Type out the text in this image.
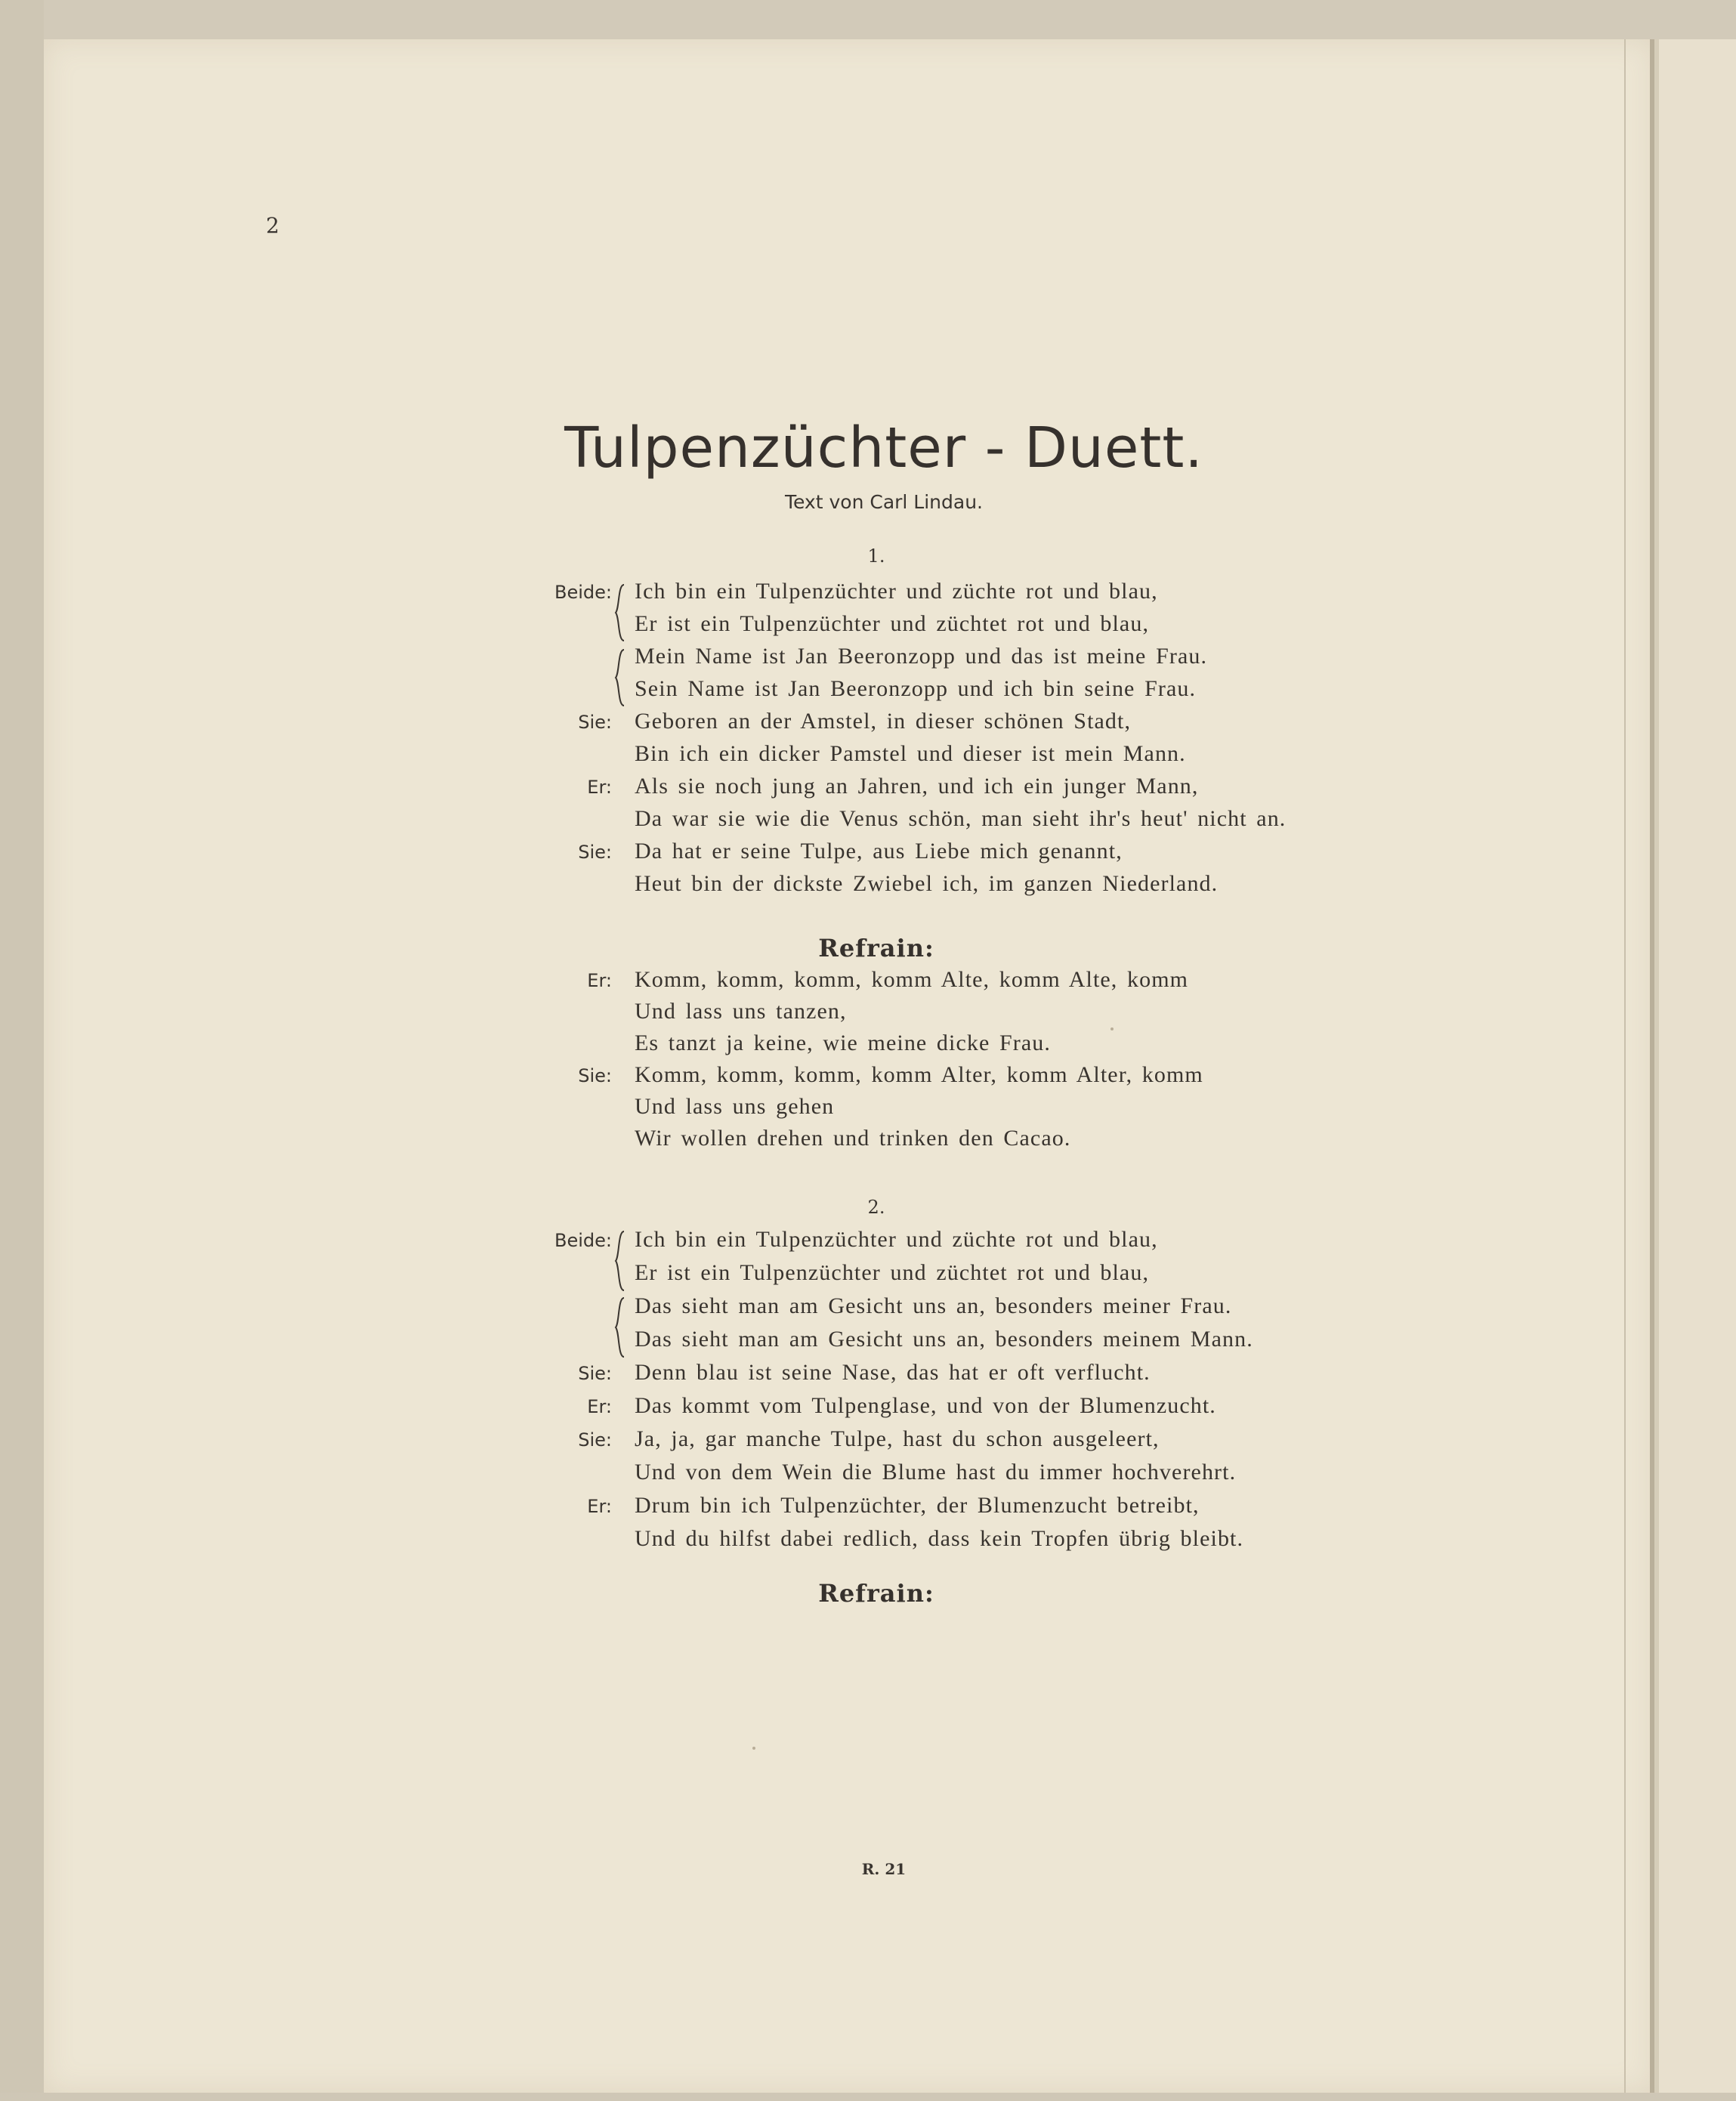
2
Tulpenzüchter - Duett.
Text von Carl Lindau.
1.
Beide: Ich bin ein Tulpenzüchter und züchte rot und blau,
Er ist ein Tulpenzüchter und züchtet rot und blau,
Mein Name ist Jan Beeronzopp und das ist meine Frau.
Sein Name ist Jan Beeronzopp und ich bin seine Frau.
Sie: Geboren an der Amstel, in dieser schönen Stadt,
Bin ich ein dicker Pamstel und dieser ist mein Mann.
Er: Als sie noch jung an Jahren, und ich ein junger Mann,
Da war sie wie die Venus schön, man sieht ihr's heut' nicht an.
Sie: Da hat er seine Tulpe, aus Liebe mich genannt,
Heut bin der dickste Zwiebel ich, im ganzen Niederland.
Refrain:
Er: Komm, komm, komm, komm Alte, komm Alte, komm
Und lass uns tanzen,
Es tanzt ja keine, wie meine dicke Frau.
Sie: Komm, komm, komm, komm Alter, komm Alter, komm
Und lass uns gehen
Wir wollen drehen und trinken den Cacao.
2.
Beide: Ich bin ein Tulpenzüchter und züchte rot und blau,
Er ist ein Tulpenzüchter und züchtet rot und blau,
Das sieht man am Gesicht uns an, besonders meiner Frau.
Das sieht man am Gesicht uns an, besonders meinem Mann.
Sie: Denn blau ist seine Nase, das hat er oft verflucht.
Er: Das kommt vom Tulpenglase, und von der Blumenzucht.
Sie: Ja, ja, gar manche Tulpe, hast du schon ausgeleert,
Und von dem Wein die Blume hast du immer hochverehrt.
Er: Drum bin ich Tulpenzüchter, der Blumenzucht betreibt,
Und du hilfst dabei redlich, dass kein Tropfen übrig bleibt.
Refrain:
R. 21
